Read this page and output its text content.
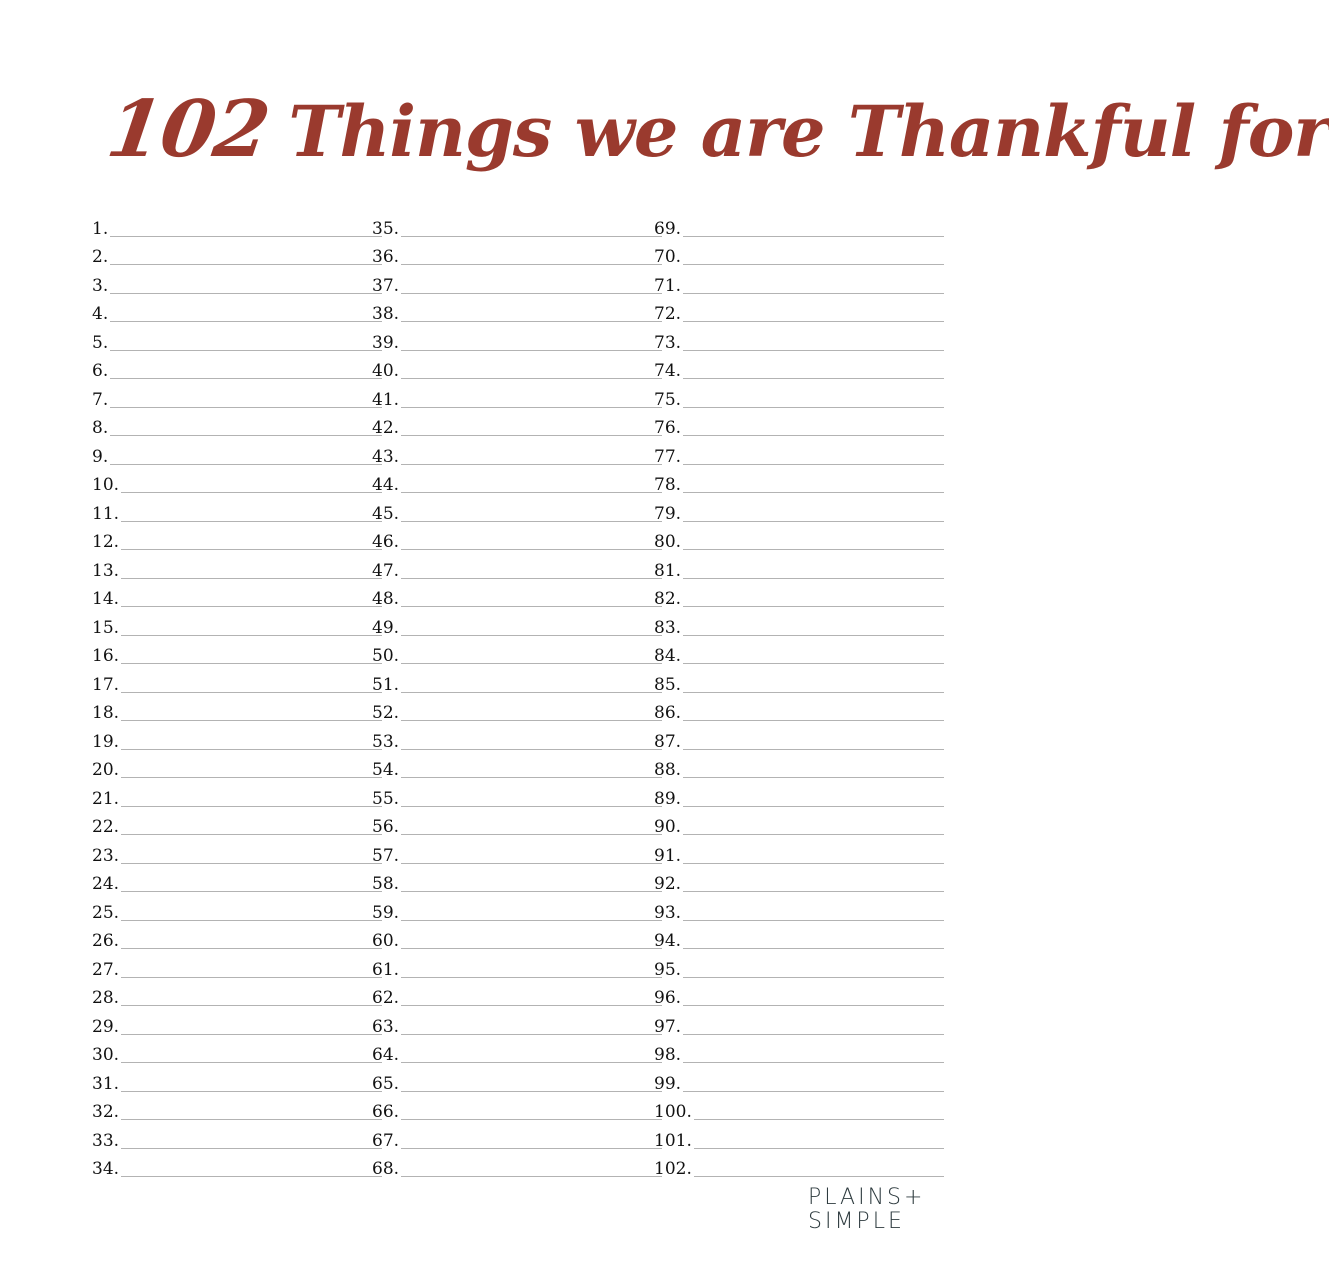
102 Things we are Thankful for
1.
2.
3.
4.
5.
6.
7.
8.
9.
10.
11.
12.
13.
14.
15.
16.
17.
18.
19.
20.
21.
22.
23.
24.
25.
26.
27.
28.
29.
30.
31.
32.
33.
34.
35.
36.
37.
38.
39.
40.
41.
42.
43.
44.
45.
46.
47.
48.
49.
50.
51.
52.
53.
54.
55.
56.
57.
58.
59.
60.
61.
62.
63.
64.
65.
66.
67.
68.
69.
70.
71.
72.
73.
74.
75.
76.
77.
78.
79.
80.
81.
82.
83.
84.
85.
86.
87.
88.
89.
90.
91.
92.
93.
94.
95.
96.
97.
98.
99.
100.
101.
102.
PLAINS+
SIMPLE
